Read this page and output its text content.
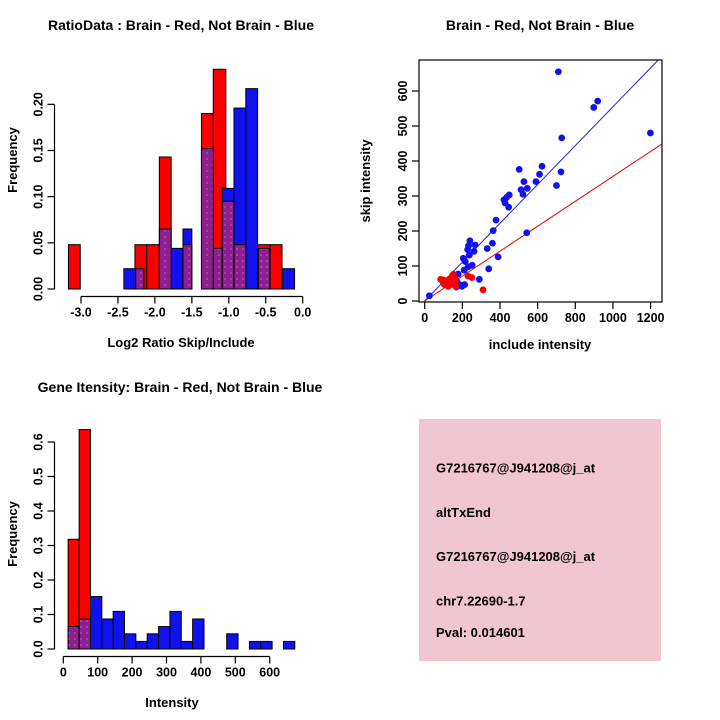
RatioData : Brain - Red, Not Brain - Blue
Log2 Ratio Skip/Include
Frequency
0.00
0.05
0.10
0.15
0.20
-3.0 -2.5 -2.0 -1.5 -1.0 -0.5 0.0
Brain - Red, Not Brain - Blue
include intensity
skip intensity
0 200 400 600 800 1000 1200
0
100
200
300
400
500
600
Gene Itensity: Brain - Red, Not Brain - Blue
Intensity
Frequency
0.0
0.1
0.2
0.3
0.4
0.5
0.6
0 100 200 300 400 500 600
G7216767@J941208@j_at
altTxEnd
G7216767@J941208@j_at
chr7.22690-1.7
Pval: 0.014601
